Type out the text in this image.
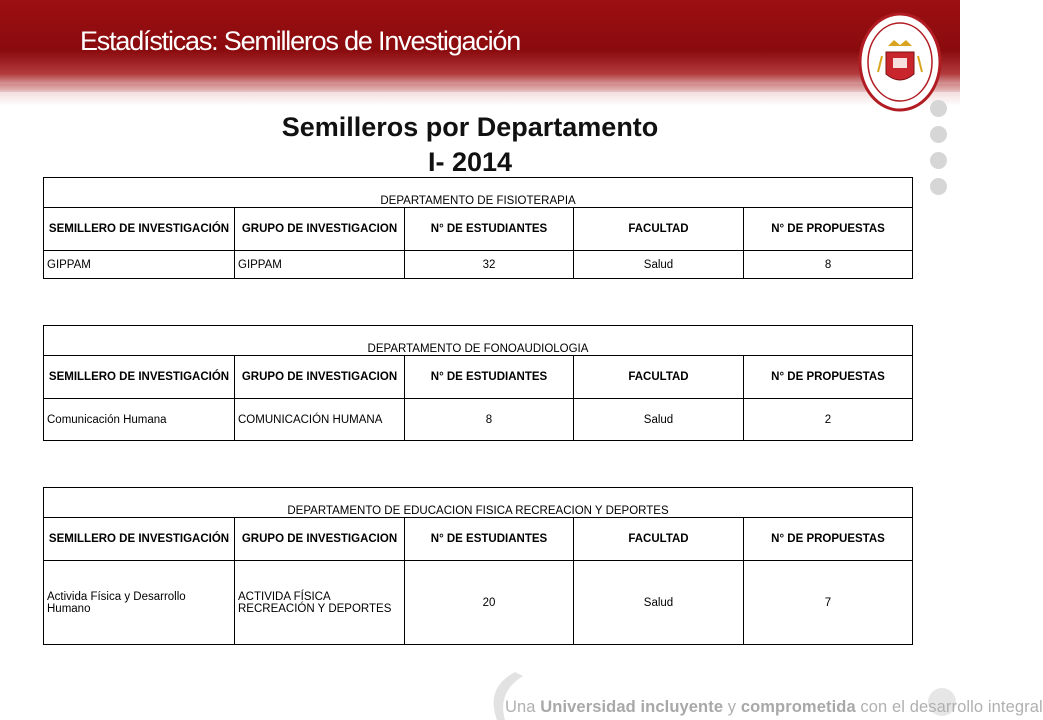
Estadísticas: Semilleros de Investigación
Semilleros por Departamento
I- 2014
DEPARTAMENTO DE FISIOTERAPIA				
SEMILLERO DE INVESTIGACIÓN	GRUPO DE INVESTIGACION	N° DE ESTUDIANTES	FACULTAD	N° DE PROPUESTAS
GIPPAM	GIPPAM	32	Salud	8
DEPARTAMENTO DE FONOAUDIOLOGIA				
SEMILLERO DE INVESTIGACIÓN	GRUPO DE INVESTIGACION	N° DE ESTUDIANTES	FACULTAD	N° DE PROPUESTAS
Comunicación Humana	COMUNICACIÓN HUMANA	8	Salud	2
DEPARTAMENTO DE EDUCACION FISICA RECREACION Y DEPORTES				
SEMILLERO DE INVESTIGACIÓN	GRUPO DE INVESTIGACION	N° DE ESTUDIANTES	FACULTAD	N° DE PROPUESTAS
Activida Física y Desarrollo Humano	ACTIVIDA FÍSICA RECREACIÓN Y DEPORTES	20	Salud	7
Una Universidad incluyente y comprometida con el desarrollo integral
